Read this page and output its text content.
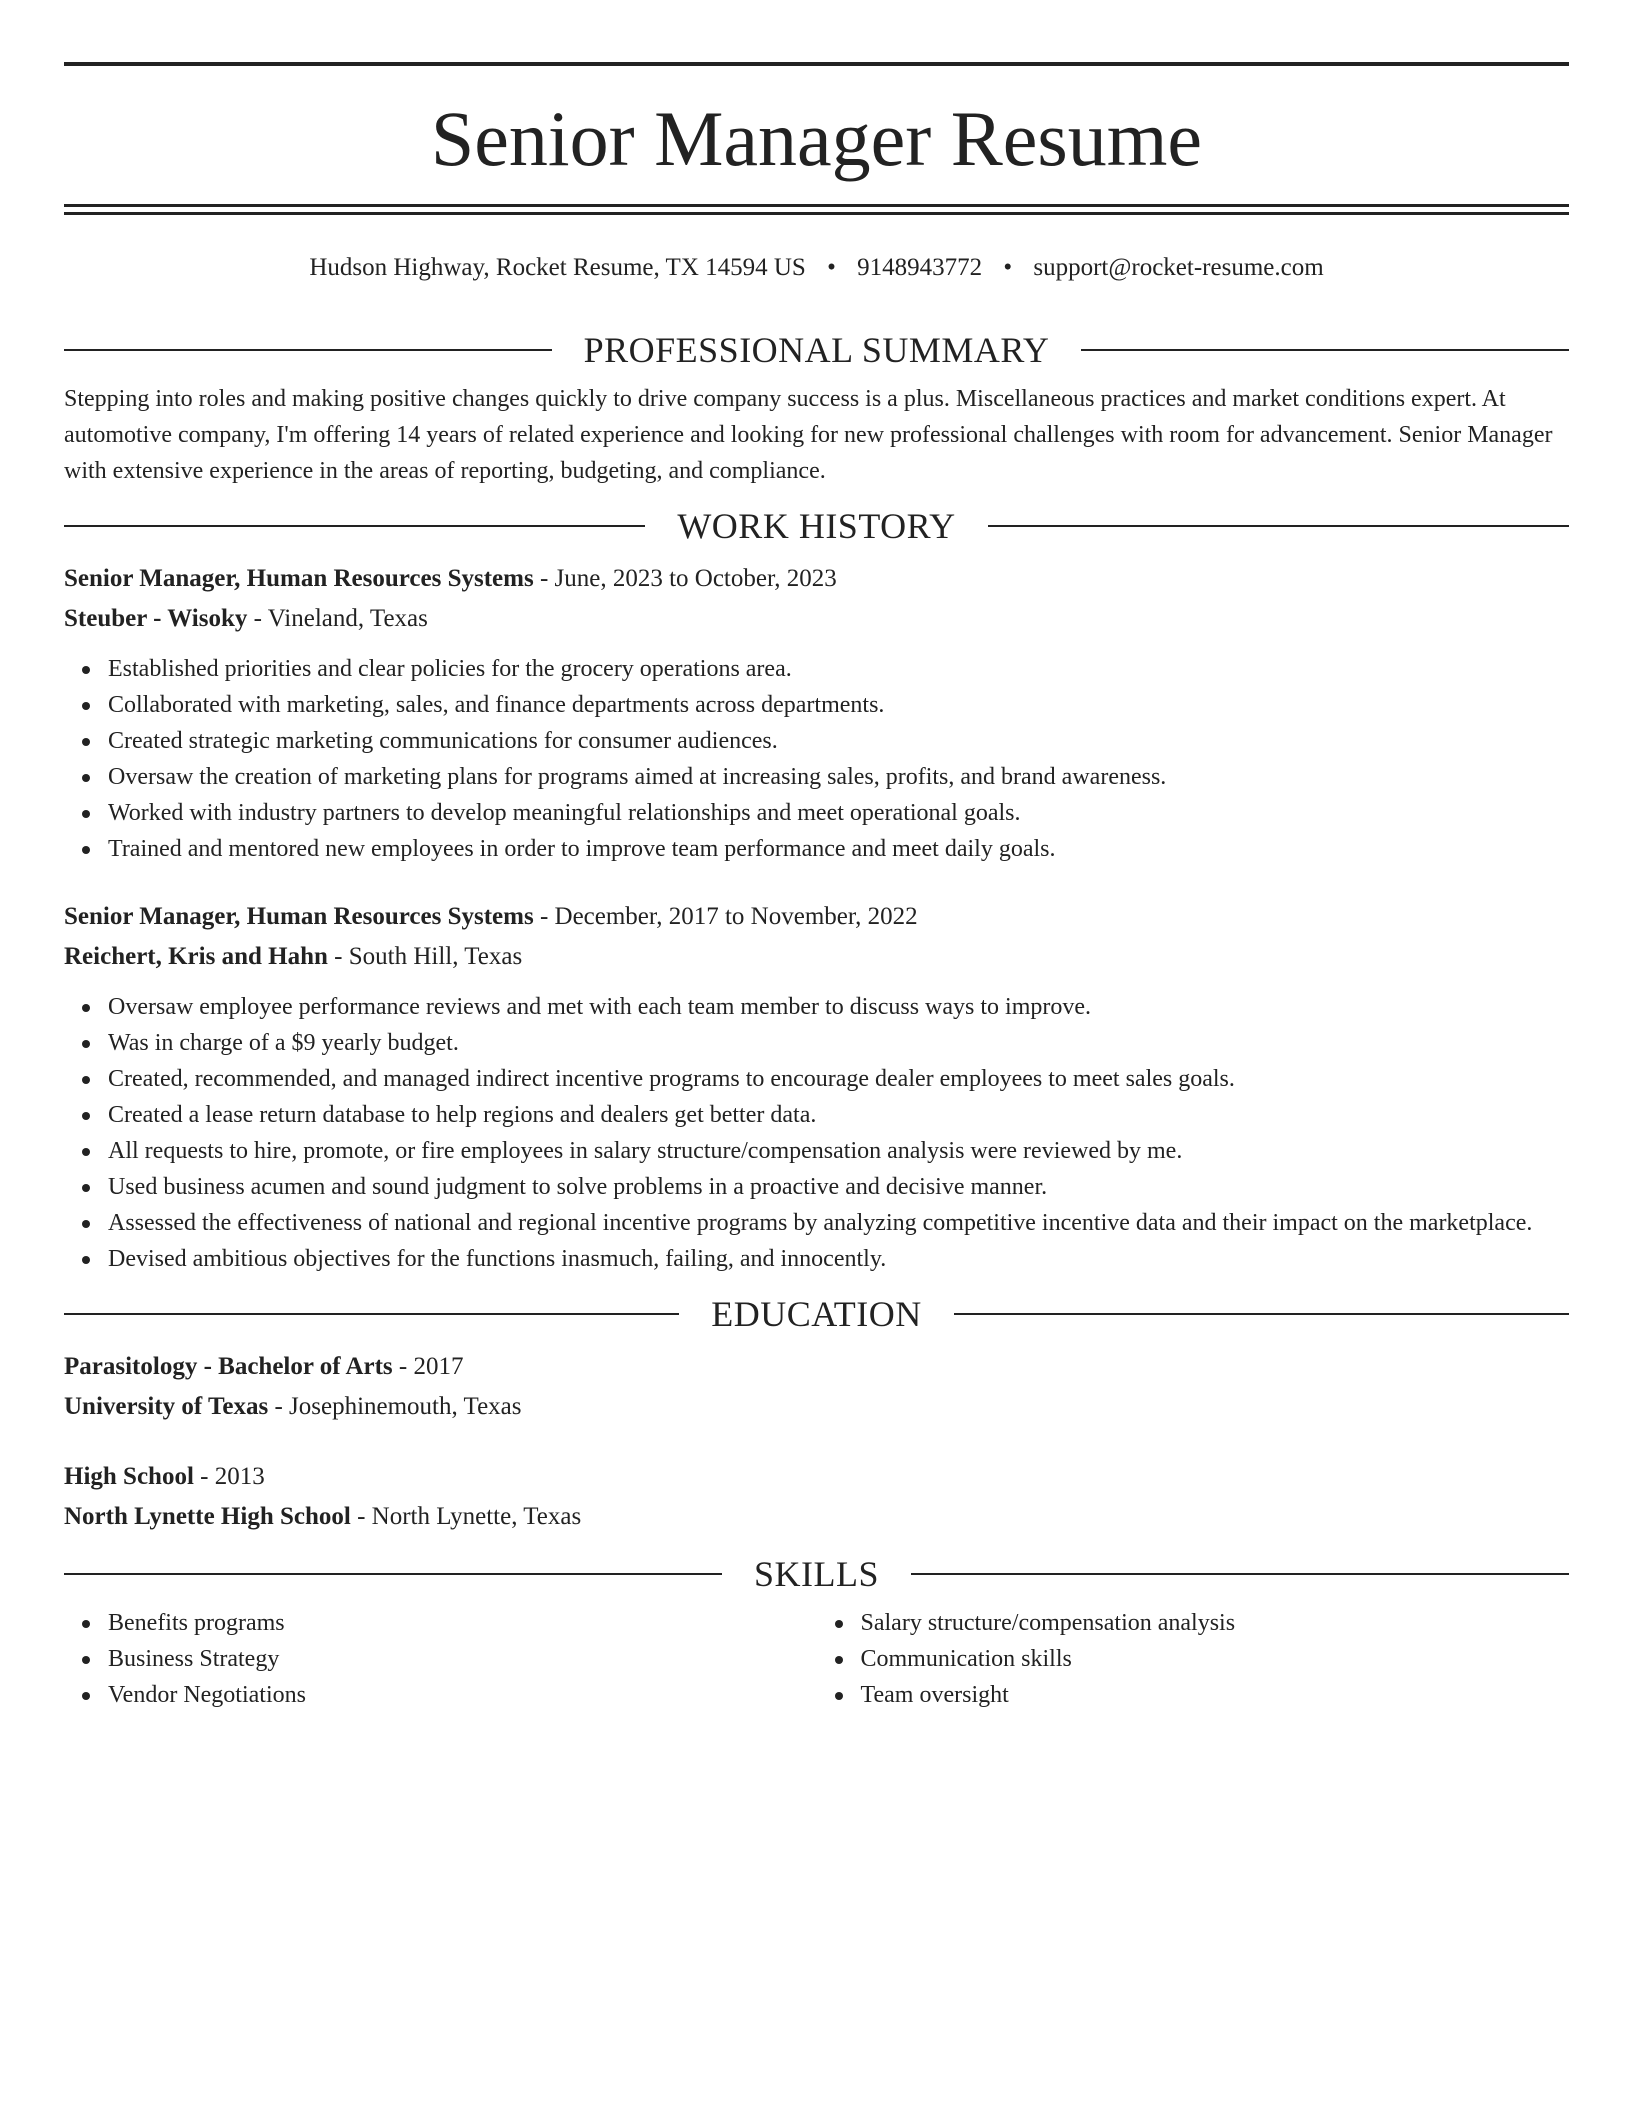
Senior Manager Resume
Hudson Highway, Rocket Resume, TX 14594 US • 9148943772 • support@rocket-resume.com
PROFESSIONAL SUMMARY

Stepping into roles and making positive changes quickly to drive company success is a plus. Miscellaneous practices and market conditions expert. At automotive company, I'm offering 14 years of related experience and looking for new professional challenges with room for advancement. Senior Manager with extensive experience in the areas of reporting, budgeting, and compliance.

WORK HISTORY
Senior Manager, Human Resources Systems - June, 2023 to October, 2023
Steuber - Wisoky - Vineland, Texas
Established priorities and clear policies for the grocery operations area.
Collaborated with marketing, sales, and finance departments across departments.
Created strategic marketing communications for consumer audiences.
Oversaw the creation of marketing plans for programs aimed at increasing sales, profits, and brand awareness.
Worked with industry partners to develop meaningful relationships and meet operational goals.
Trained and mentored new employees in order to improve team performance and meet daily goals.
Senior Manager, Human Resources Systems - December, 2017 to November, 2022
Reichert, Kris and Hahn - South Hill, Texas
Oversaw employee performance reviews and met with each team member to discuss ways to improve.
Was in charge of a $9 yearly budget.
Created, recommended, and managed indirect incentive programs to encourage dealer employees to meet sales goals.
Created a lease return database to help regions and dealers get better data.
All requests to hire, promote, or fire employees in salary structure/compensation analysis were reviewed by me.
Used business acumen and sound judgment to solve problems in a proactive and decisive manner.
Assessed the effectiveness of national and regional incentive programs by analyzing competitive incentive data and their impact on the marketplace.
Devised ambitious objectives for the functions inasmuch, failing, and innocently.
EDUCATION
Parasitology - Bachelor of Arts - 2017
University of Texas - Josephinemouth, Texas
High School - 2013
North Lynette High School - North Lynette, Texas
SKILLS
Benefits programs
Business Strategy
Vendor Negotiations
Salary structure/compensation analysis
Communication skills
Team oversight
